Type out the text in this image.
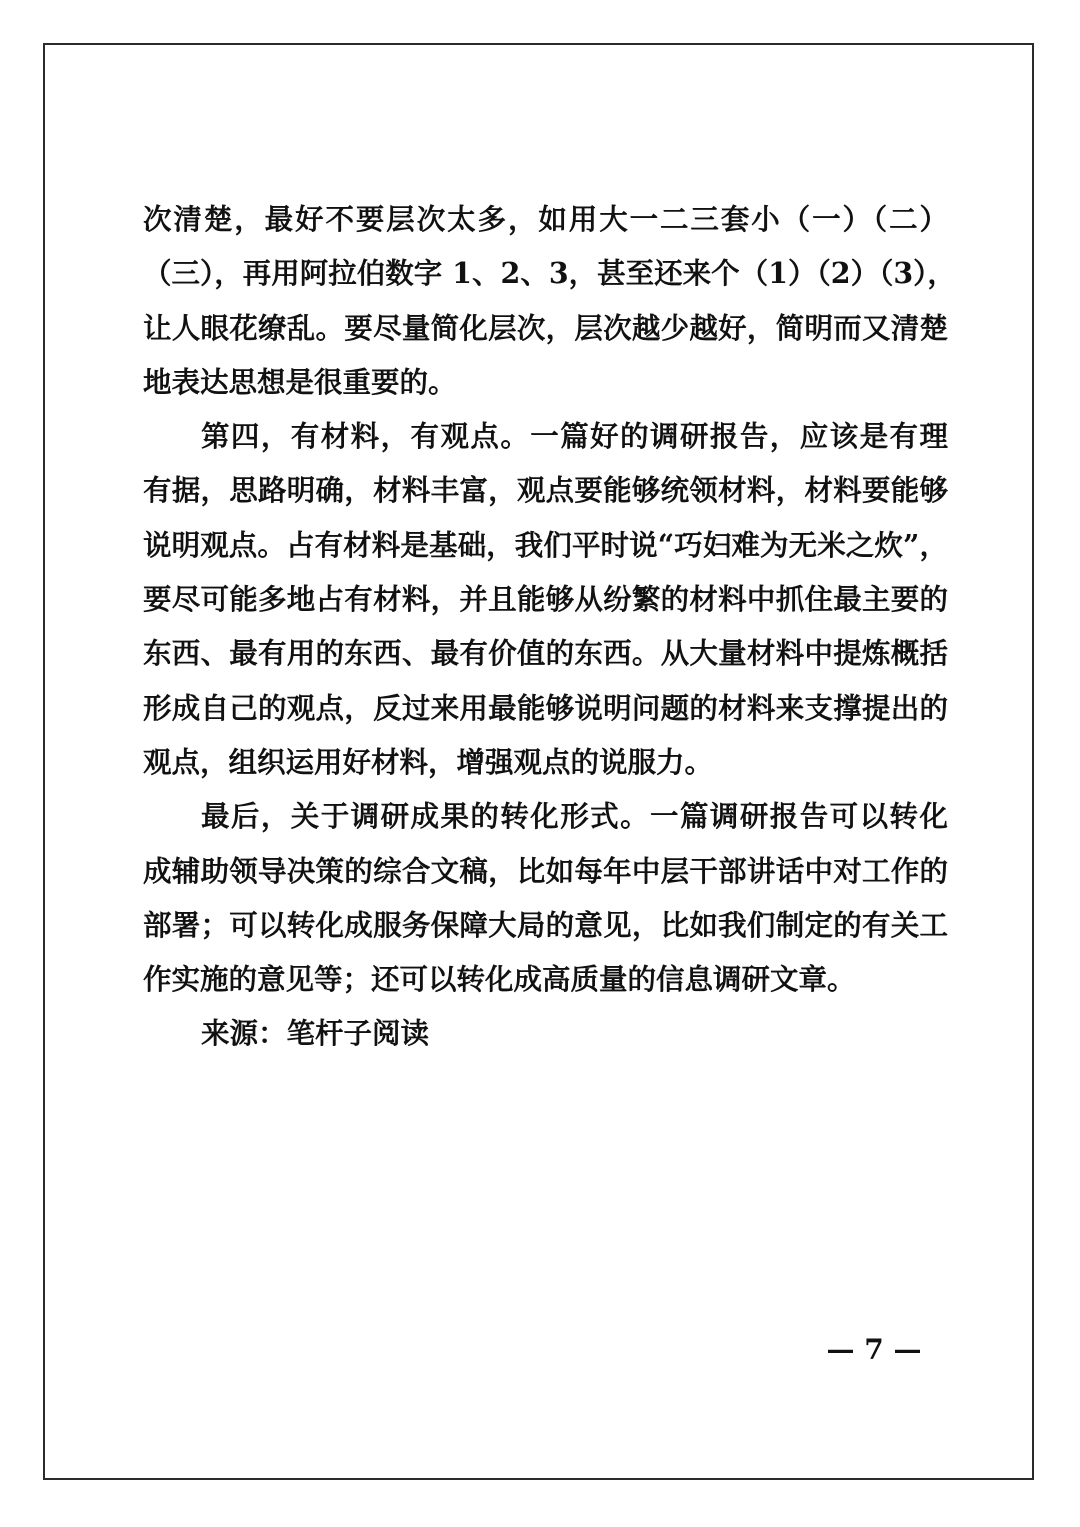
次清楚，最好不要层次太多，如用大一二三套小（一）（二）
（三），再用阿拉伯数字 1、2、3，甚至还来个（1）（2）（3），
让人眼花缭乱。要尽量简化层次，层次越少越好，简明而又清楚
地表达思想是很重要的。
第四，有材料，有观点。一篇好的调研报告，应该是有理
有据，思路明确，材料丰富，观点要能够统领材料，材料要能够
说明观点。占有材料是基础，我们平时说“巧妇难为无米之炊”，
要尽可能多地占有材料，并且能够从纷繁的材料中抓住最主要的
东西、最有用的东西、最有价值的东西。从大量材料中提炼概括
形成自己的观点，反过来用最能够说明问题的材料来支撑提出的
观点，组织运用好材料，增强观点的说服力。
最后，关于调研成果的转化形式。一篇调研报告可以转化
成辅助领导决策的综合文稿，比如每年中层干部讲话中对工作的
部署；可以转化成服务保障大局的意见，比如我们制定的有关工
作实施的意见等；还可以转化成高质量的信息调研文章。
来源：笔杆子阅读
— 7 —
